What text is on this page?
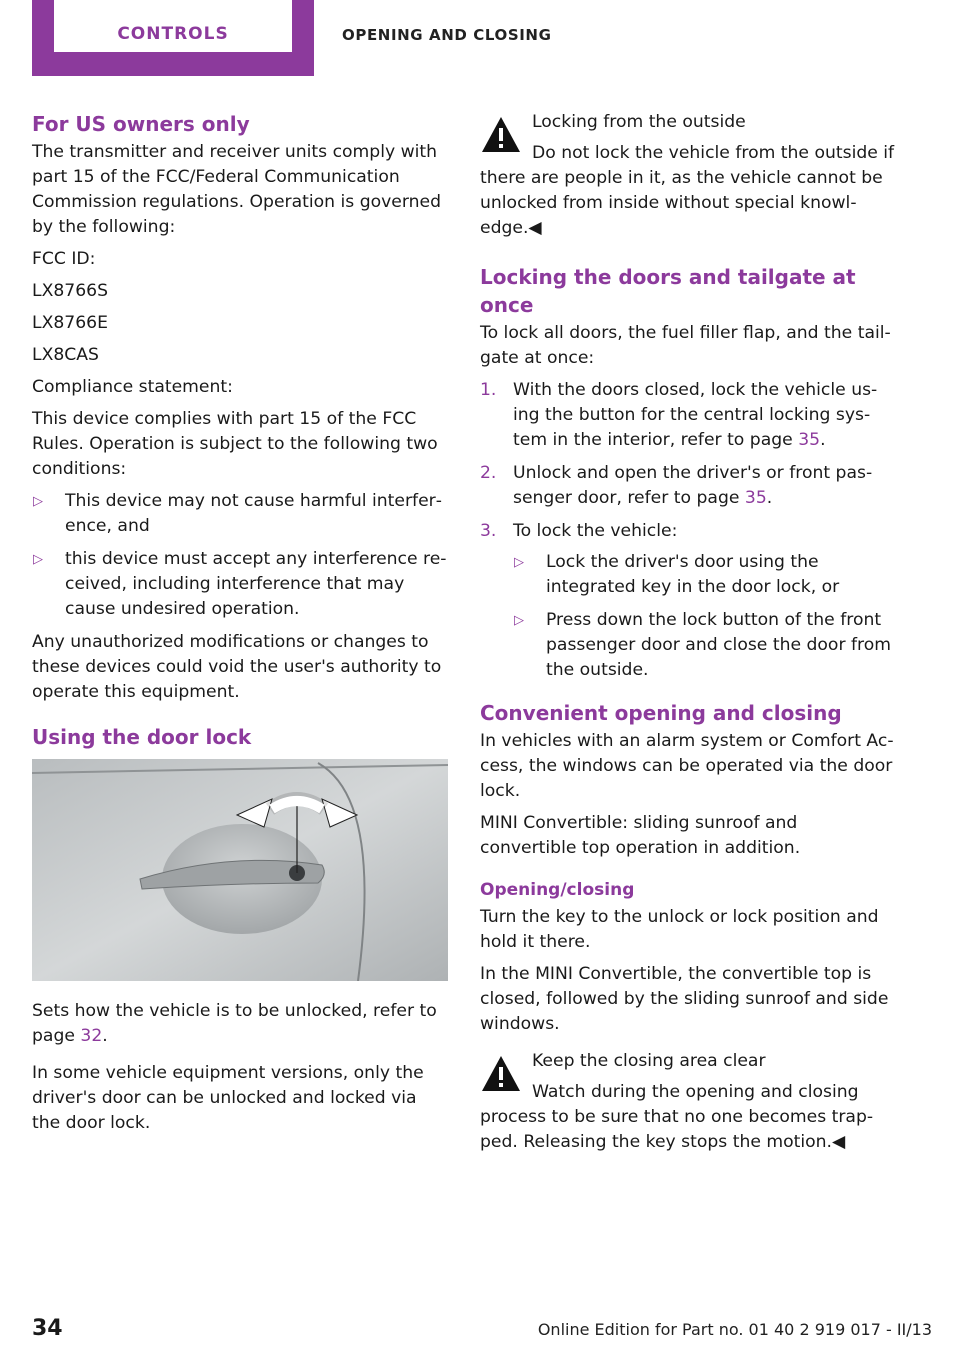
CONTROLS	OPENING AND CLOSING
For US owners only

The transmitter and receiver units comply with part 15 of the FCC/Federal Communication Commission regulations. Operation is governed by the following:

FCC ID:

LX8766S

LX8766E

LX8CAS

Compliance statement:

This device complies with part 15 of the FCC Rules. Operation is subject to the following two conditions:

▷ This device may not cause harmful interfer‐ence, and
▷ this device must accept any interference re‐ceived, including interference that may cause undesired operation.

Any unauthorized modifications or changes to these devices could void the user's authority to operate this equipment.

Using the door lock

Sets how the vehicle is to be unlocked, refer to page 32.

In some vehicle equipment versions, only the driver's door can be unlocked and locked via the door lock.

Locking from the outside
Do not lock the vehicle from the outside if there are people in it, as the vehicle cannot be unlocked from inside without special knowl‐edge.◀
Locking the doors and tailgate at once

To lock all doors, the fuel filler flap, and the tail‐gate at once:

1. With the doors closed, lock the vehicle us‐ing the button for the central locking sys‐tem in the interior, refer to page 35.
2. Unlock and open the driver's or front pas‐senger door, refer to page 35.
3. To lock the vehicle:
▷ Lock the driver's door using the integrated key in the door lock, or
▷ Press down the lock button of the front passenger door and close the door from the outside.
Convenient opening and closing

In vehicles with an alarm system or Comfort Ac‐cess, the windows can be operated via the door lock.

MINI Convertible: sliding sunroof and convertible top operation in addition.

Opening/closing

Turn the key to the unlock or lock position and hold it there.

In the MINI Convertible, the convertible top is closed, followed by the sliding sunroof and side windows.

Keep the closing area clear
Watch during the opening and closing process to be sure that no one becomes trap‐ped. Releasing the key stops the motion.◀
34	Online Edition for Part no. 01 40 2 919 017 - II/13
